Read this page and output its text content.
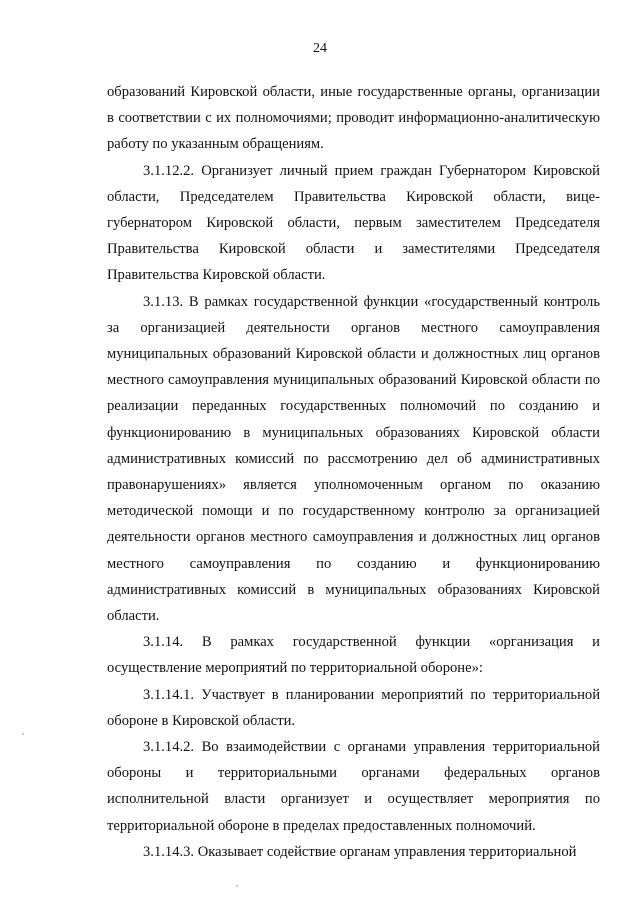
24

образований Кировской области, иные государственные органы, организации в соответствии с их полномочиями; проводит информационно-аналитическую работу по указанным обращениям.

3.1.12.2. Организует личный прием граждан Губернатором Кировской области, Председателем Правительства Кировской области, вице-губернатором Кировской области, первым заместителем Председателя Правительства Кировской области и заместителями Председателя Правительства Кировской области.

3.1.13. В рамках государственной функции «государственный контроль за организацией деятельности органов местного самоуправления муниципальных образований Кировской области и должностных лиц органов местного самоуправления муниципальных образований Кировской области по реализации переданных государственных полномочий по созданию и функционированию в муниципальных образованиях Кировской области административных комиссий по рассмотрению дел об административных правонарушениях» является уполномоченным органом по оказанию методической помощи и по государственному контролю за организацией деятельности органов местного самоуправления и должностных лиц органов местного самоуправления по созданию и функционированию административных комиссий в муниципальных образованиях Кировской области.

3.1.14. В рамках государственной функции «организация и осуществление мероприятий по территориальной обороне»:

3.1.14.1. Участвует в планировании мероприятий по территориальной обороне в Кировской области.

3.1.14.2. Во взаимодействии с органами управления территориальной обороны и территориальными органами федеральных органов исполнительной власти организует и осуществляет мероприятия по территориальной обороне в пределах предоставленных полномочий.

3.1.14.3. Оказывает содействие органам управления территориальной
